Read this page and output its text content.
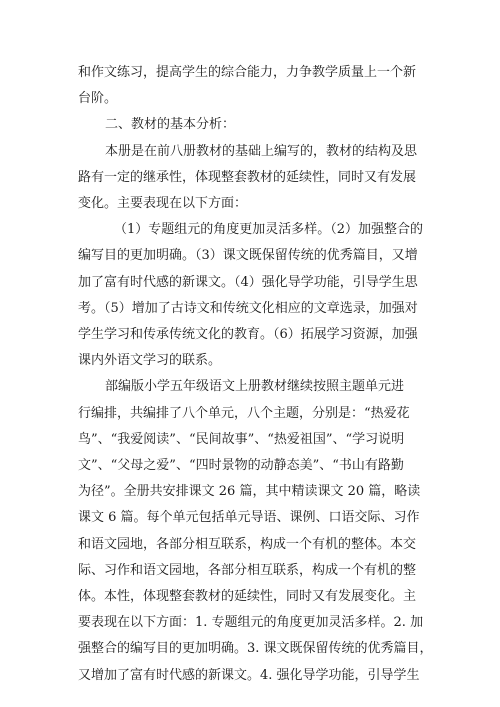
和作文练习，提高学生的综合能力，力争教学质量上一个新
台阶。

二、教材的基本分析：

本册是在前八册教材的基础上编写的，教材的结构及思
路有一定的继承性，体现整套教材的延续性，同时又有发展
变化。主要表现在以下方面：

（1）专题组元的角度更加灵活多样。（2）加强整合的
编写目的更加明确。（3）课文既保留传统的优秀篇目，又增
加了富有时代感的新课文。（4）强化导学功能，引导学生思
考。（5）增加了古诗文和传统文化相应的文章选录，加强对
学生学习和传承传统文化的教育。（6）拓展学习资源，加强
课内外语文学习的联系。

部编版小学五年级语文上册教材继续按照主题单元进
行编排，共编排了八个单元，八个主题，分别是：“热爱花
鸟”、“我爱阅读”、“民间故事”、“热爱祖国”、“学习说明
文”、“父母之爱”、“四时景物的动静态美”、“书山有路勤
为径”。全册共安排课文 26 篇，其中精读课文 20 篇，略读
课文 6 篇。每个单元包括单元导语、课例、口语交际、习作
和语文园地，各部分相互联系，构成一个有机的整体。本交
际、习作和语文园地，各部分相互联系，构成一个有机的整
体。本性，体现整套教材的延续性，同时又有发展变化。主
要表现在以下方面：1. 专题组元的角度更加灵活多样。2. 加
强整合的编写目的更加明确。3. 课文既保留传统的优秀篇目，
又增加了富有时代感的新课文。4. 强化导学功能，引导学生
